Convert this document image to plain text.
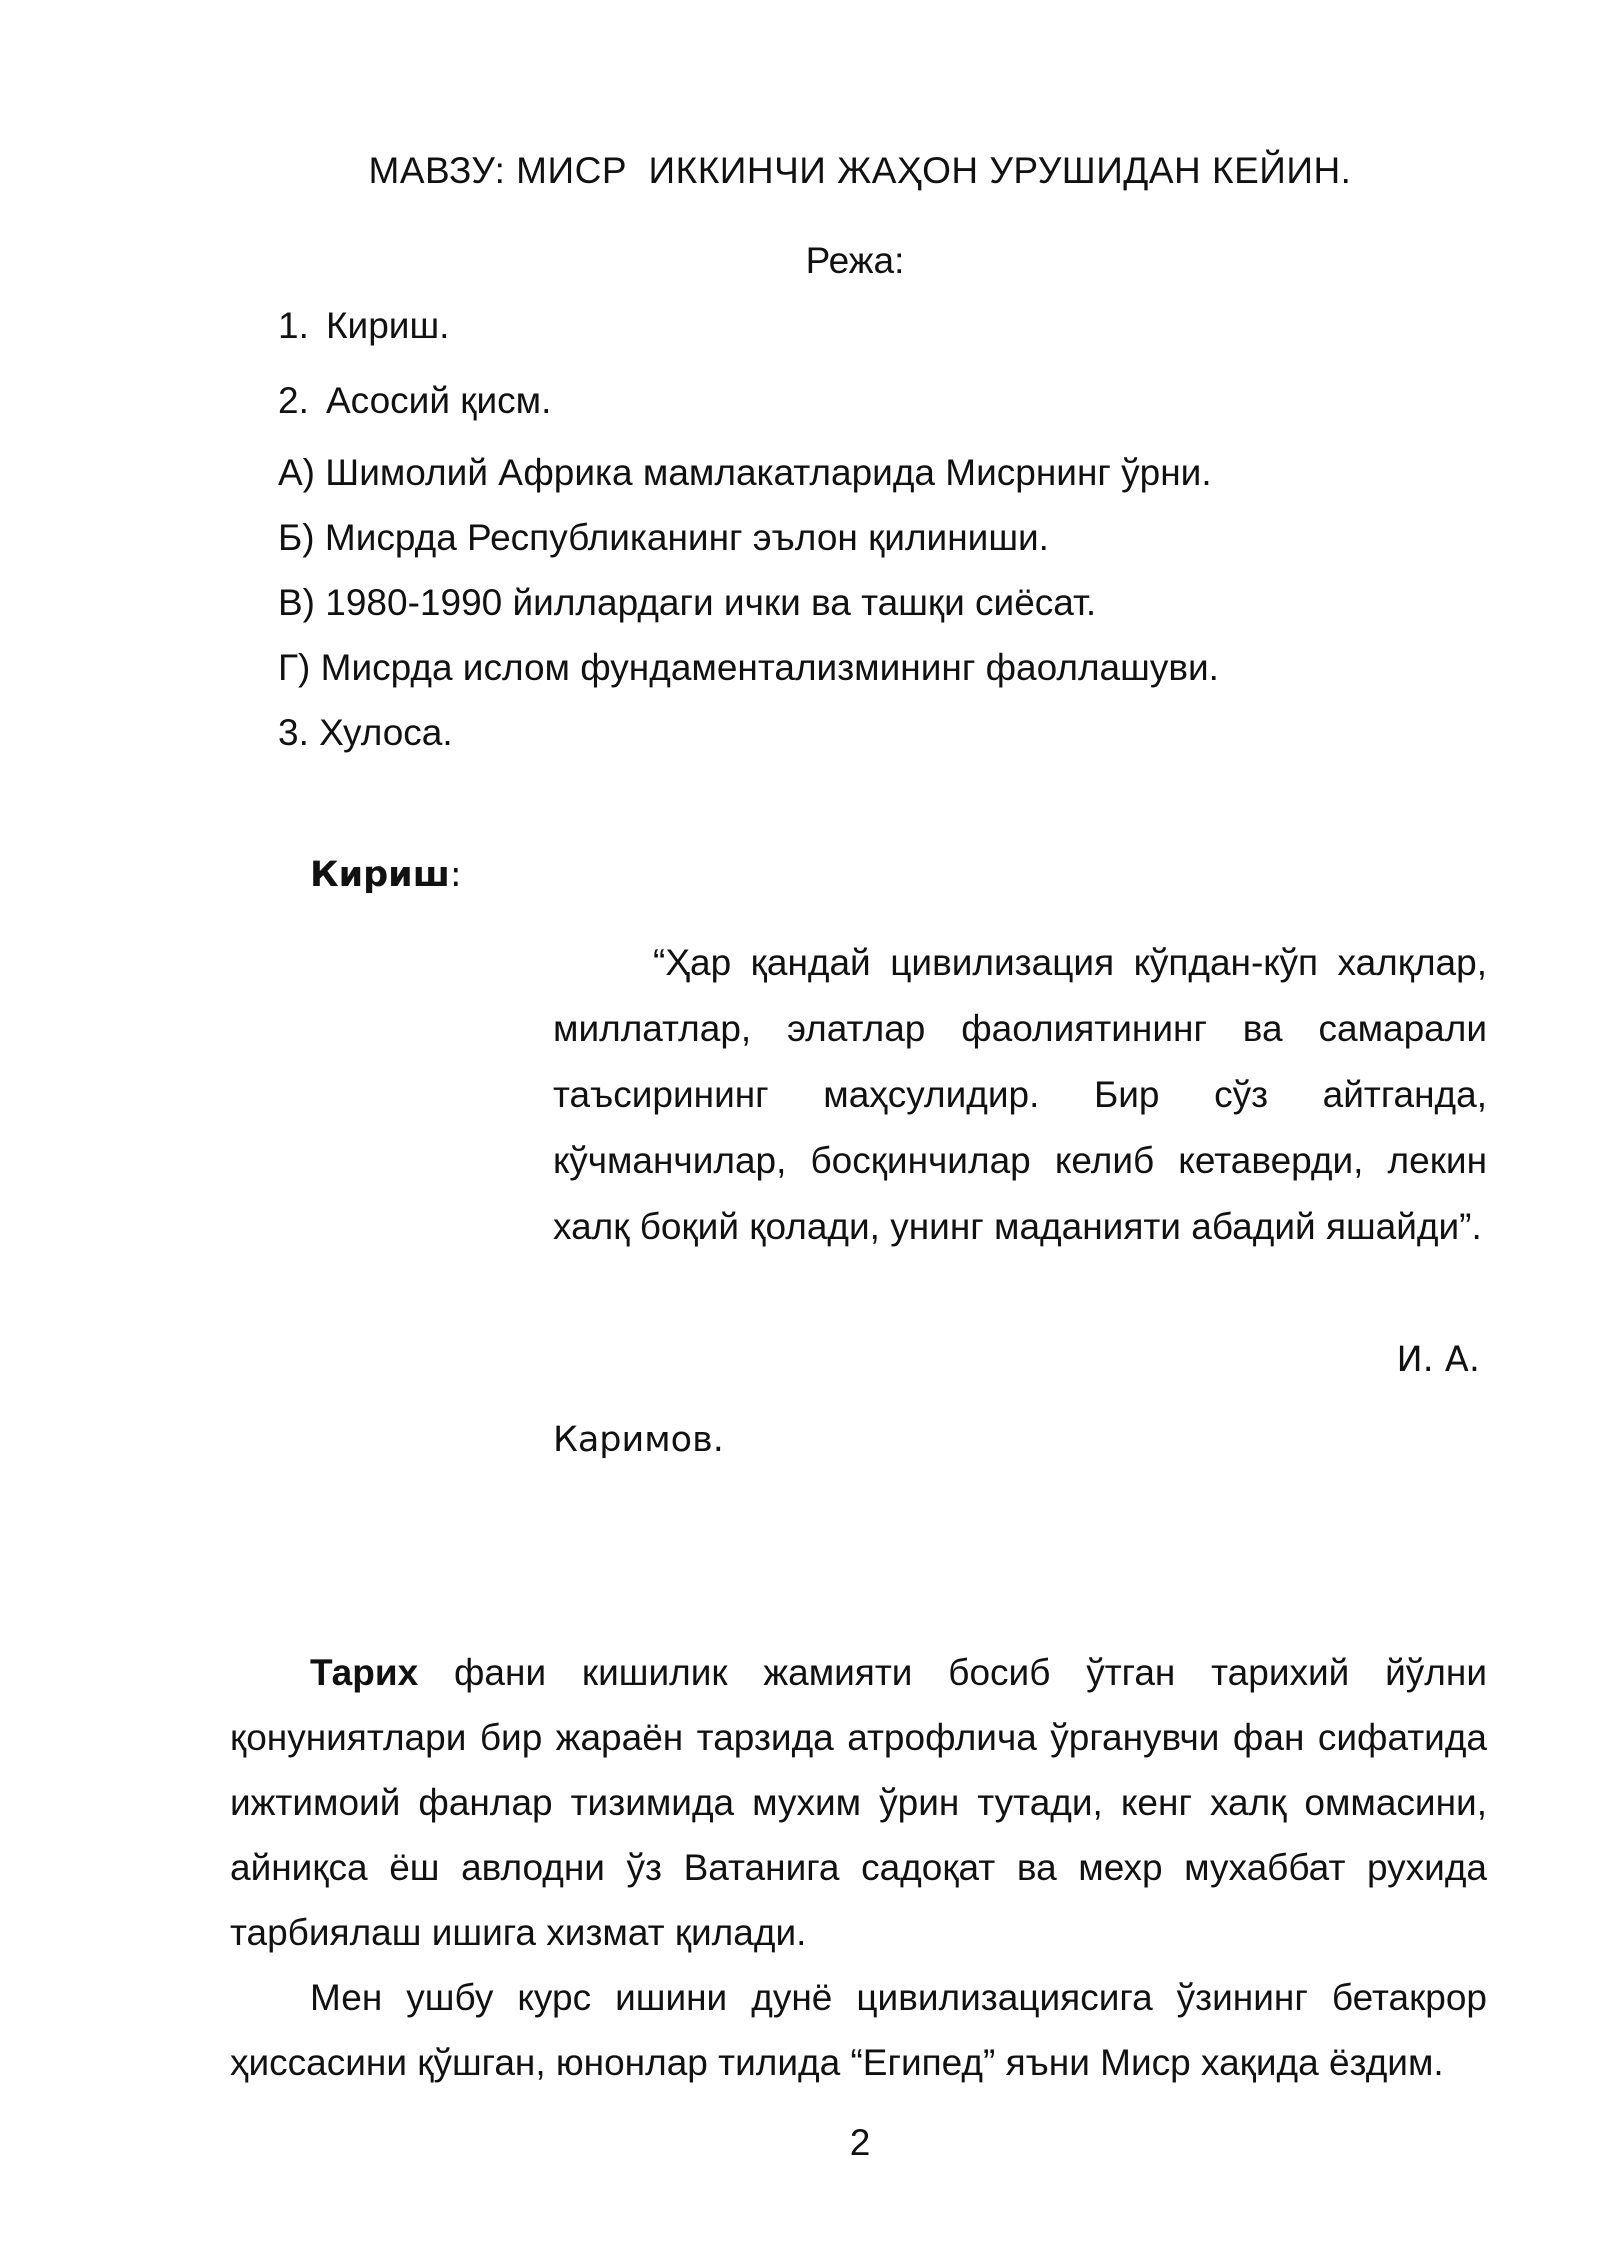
МАВЗУ: МИСР  ИККИНЧИ ЖАҲОН УРУШИДАН КЕЙИН.
Режа:
1. Кириш.
2. Асосий қисм.
А) Шимолий Африка мамлакатларида Мисрнинг ўрни.
Б) Мисрда Республиканинг эълон қилиниши.
В) 1980-1990 йиллардаги ички ва ташқи сиёсат.
Г) Мисрда ислом фундаментализмининг фаоллашуви.
3. Хулоса.
Кириш:
“Ҳар қандай цивилизация кўпдан-кўп халқлар, миллатлар, элатлар фаолиятининг ва самарали таъсирининг маҳсулидир. Бир сўз айтганда, кўчманчилар, босқинчилар келиб кетаверди, лекин халқ боқий қолади, унинг маданияти абадий яшайди”.
И. А.
Каримов.

Тарих фани кишилик жамияти босиб ўтган тарихий йўлни қонуниятлари бир жараён тарзида атрофлича ўрганувчи фан сифатида ижтимоий фанлар тизимида мухим ўрин тутади, кенг халқ оммасини, айниқса ёш авлодни ўз Ватанига садоқат ва мехр мухаббат рухида тарбиялаш ишига хизмат қилади.

Мен ушбу курс ишини дунё цивилизациясига ўзининг бетакрор ҳиссасини қўшган, юнонлар тилида “Египед” яъни Миср хақида ёздим.

2
